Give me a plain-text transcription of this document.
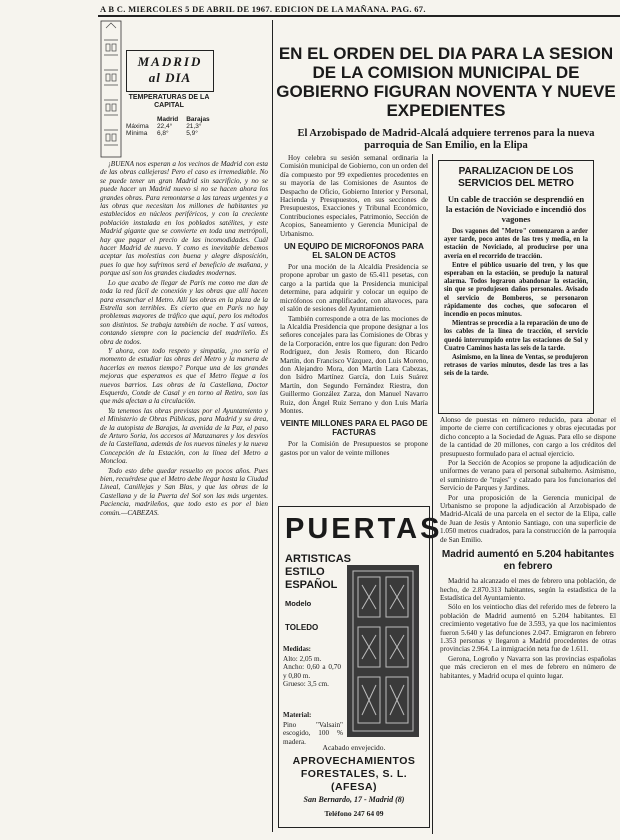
A B C. MIERCOLES 5 DE ABRIL DE 1967. EDICION DE LA MAÑANA. PAG. 67.
MADRID
al DIA
TEMPERATURAS DE LA CAPITAL
	Madrid	Barajas
Máxima	22,4°	21,3°
Mínima	6,8°	5,9°

¡BUENA nos esperan a los vecinos de Madrid con esta de las obras callejeras! Pero el caso es irremediable. No se puede tener un gran Madrid sin sacrificio, y no se puede hacer un Madrid nuevo si no se hacen ahora los grandes obras. Para remontarse a las tareas urgentes y a las obras que necesitan los millones de habitantes ya establecidos en núcleos periféricos, y con la creciente población instalada en los poblados satélites, y este Madrid gigante que se convierte en toda una metrópoli, hay que pagar el precio de las incomodidades. Cuál hacer Madrid de nuevo. Y como es inevitable debemos aceptar las molestias con buena y alegre disposición, pues lo que hoy sufrimos será el beneficio de mañana, y porque así son los grandes ciudades modernas.

Lo que acabo de llegar de París me como me dan de toda la red fácil de conexión y las obras que allí hacen para ensanchar el Metro. Allí las obras en la plaza de la Estrella son terribles. Es cierto que en París no hay problemas mayores de tráfico que aquí, pero los métodos son distintos. Se trabaja también de noche. Y así vamos, contando siempre con la paciencia del madrileño. Es obra de todos.

Y ahora, con todo respeto y simpatía, ¿no sería el momento de estudiar las obras del Metro y la manera de hacerlas en menos tiempo? Porque una de las grandes mejoras que esperamos es que el Metro llegue a los nuevos barrios. Las obras de la Castellana, Doctor Esquerdo, Conde de Casal y en torno al Retiro, son las que más afectan a la circulación.

Ya tenemos las obras previstas por el Ayuntamiento y el Ministerio de Obras Públicas, para Madrid y su área, de la autopista de Barajas, la avenida de la Paz, el paso de Arturo Soria, los accesos al Manzanares y los desvíos de la Castellana, además de los nuevos túneles y la nueva Concepción de la Estación, con la línea del Metro a Moncloa.

Todo esto debe quedar resuelto en pocos años. Pues bien, recuérdese que el Metro debe llegar hasta la Ciudad Lineal, Canillejas y San Blas, y que las obras de la Castellana y de la Puerta del Sol son las más urgentes. Paciencia, madrileños, que todo esto es por el bien común.—CABEZAS.

EN EL ORDEN DEL DIA PARA LA SESION DE LA COMISION MUNICIPAL DE GOBIERNO FIGURAN NOVENTA Y NUEVE EXPEDIENTES
El Arzobispado de Madrid-Alcalá adquiere terrenos para la nueva parroquia de San Emilio, en la Elipa

Hoy celebra su sesión semanal ordinaria la Comisión municipal de Gobierno, con un orden del día compuesto por 99 expedientes procedentes en su mayoría de las Comisiones de Asuntos de Despacho de Oficio, Gobierno Interior y Personal, Hacienda y Presupuestos, en sus secciones de Presupuestos, Exacciones y Tribunal Económico, Contribuciones especiales, Patrimonio, Sección de Acopios, Saneamiento y Gerencia Municipal de Urbanismo.

UN EQUIPO DE MICROFONOS PARA EL SALON DE ACTOS

Por una moción de la Alcaldía Presidencia se propone aprobar un gasto de 65.411 pesetas, con cargo a la partida que la Presidencia municipal determine, para adquirir y colocar un equipo de micrófonos con amplificador, con altavoces, para el salón de sesiones del Ayuntamiento.

También corresponde a otra de las mociones de la Alcaldía Presidencia que propone designar a los señores concejales para las Comisiones de Obras y de la Corporación, entre los que figuran: don Pedro Rodríguez, don Jesús Romero, don Ricardo Martín, don Francisco Vázquez, don Luis Moreno, don Alejandro Mora, don Martín Lara Cabezas, don Isidro Martínez García, don Luis Suárez Martín, don Segundo Fernández Riestra, don Guillermo González Zarza, don Manuel Navarro Ruiz, don Ángel Ruiz Serrano y don Luis María Montes.

VEINTE MILLONES PARA EL PAGO DE FACTURAS

Por la Comisión de Presupuestos se propone gastos por un valor de veinte millones

PUERTAS
ARTISTICAS
ESTILO
ESPAÑOL
Modelo
TOLEDO
Medidas:
Alto: 2,05 m.
Ancho: 0,60 a 0,70 y 0,80 m.
Grueso: 3,5 cm.
Material:
Pino "Valsain" escogido, 100 % madera.
Acabado envejecido.
APROVECHAMIENTOS FORESTALES, S. L. (AFESA)
San Bernardo, 17 - Madrid (8)
Teléfono 247 64 09
PARALIZACION DE LOS SERVICIOS DEL METRO
Un cable de tracción se desprendió en la estación de Noviciado e incendió dos vagones

Dos vagones del "Metro" comenzaron a arder ayer tarde, poco antes de las tres y media, en la estación de Noviciado, al producirse por una avería en el recorrido de tracción.

Entre el público usuario del tren, y los que esperaban en la estación, se produjo la natural alarma. Todos lograron abandonar la estación, sin que se produjesen daños personales. Avisado el servicio de Bomberos, se personaron rápidamente dos coches, que sofocaron el incendio en pocos minutos.

Mientras se procedía a la reparación de uno de los cables de la línea de tracción, el servicio quedó interrumpido entre las estaciones de Sol y Cuatro Caminos hasta las seis de la tarde.

Asimismo, en la línea de Ventas, se produjeron retrasos de varios minutos, desde las tres a las seis de la tarde.

Alonso de puestas en número reducido, para abonar el importe de cierre con certificaciones y obras ejecutadas por dicho concepto a la Sociedad de Aguas. Para ello se dispone de la cantidad de 20 millones, con cargo a los créditos del presupuesto formulado para el actual ejercicio.

Por la Sección de Acopios se propone la adjudicación de uniformes de verano para el personal subalterno. Asimismo, el suministro de "trajes" y calzado para los funcionarios del Servicio de Parques y Jardines.

Por una proposición de la Gerencia municipal de Urbanismo se propone la adjudicación al Arzobispado de Madrid-Alcalá de una parcela en el sector de la Elipa, calle de Juan de Jesús y Antonio Santiago, con una superficie de 1.050 metros cuadrados, para la construcción de la parroquia de San Emilio.

Madrid aumentó en 5.204 habitantes en febrero

Madrid ha alcanzado el mes de febrero una población, de hecho, de 2.870.313 habitantes, según la estadística de la Estadística del Ayuntamiento.

Sólo en los veintiocho días del referido mes de febrero la población de Madrid aumentó en 5.204 habitantes. El crecimiento vegetativo fue de 3.593, ya que los nacimientos fueron 5.640 y las defunciones 2.047. Emigraron en febrero 1.353 personas y llegaron a Madrid procedentes de otras provincias 2.964. La inmigración neta fue de 1.611.

Gerona, Logroño y Navarra son las provincias españolas que más crecieron en el mes de febrero en número de habitantes, y Madrid ocupa el quinto lugar.
